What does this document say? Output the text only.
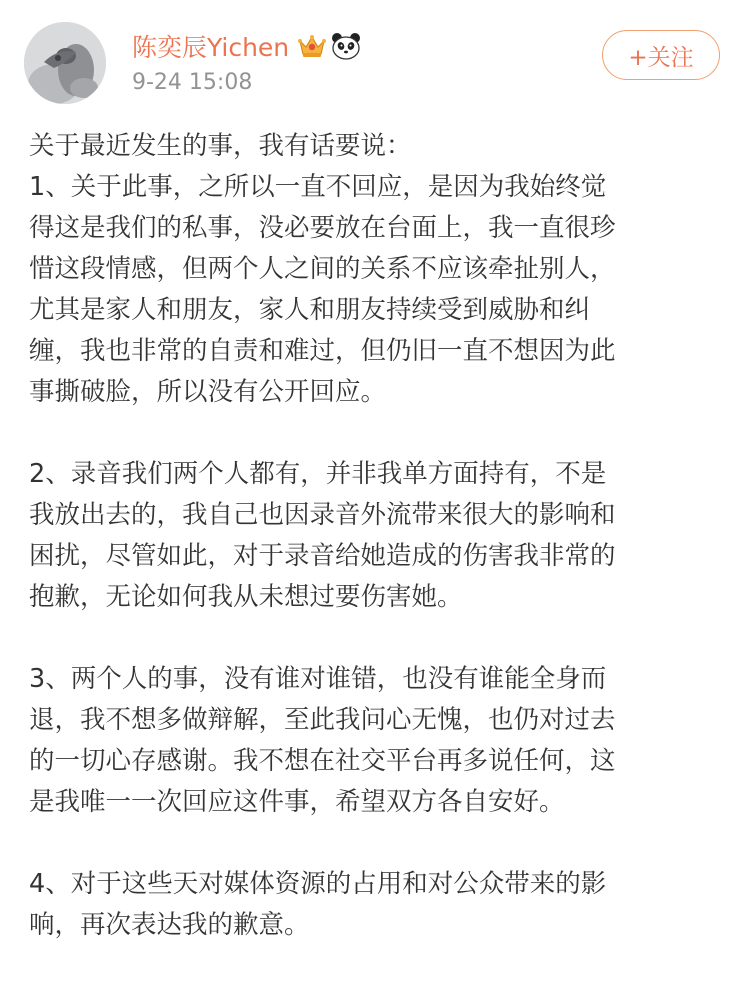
陈奕辰Yichen
9-24 15:08
+关注

关于最近发生的事，我有话要说：

1、关于此事，之所以一直不回应，是因为我始终觉
得这是我们的私事，没必要放在台面上，我一直很珍
惜这段情感，但两个人之间的关系不应该牵扯别人，
尤其是家人和朋友，家人和朋友持续受到威胁和纠
缠，我也非常的自责和难过，但仍旧一直不想因为此
事撕破脸，所以没有公开回应。

2、录音我们两个人都有，并非我单方面持有，不是
我放出去的，我自己也因录音外流带来很大的影响和
困扰，尽管如此，对于录音给她造成的伤害我非常的
抱歉，无论如何我从未想过要伤害她。

3、两个人的事，没有谁对谁错，也没有谁能全身而
退，我不想多做辩解，至此我问心无愧，也仍对过去
的一切心存感谢。我不想在社交平台再多说任何，这
是我唯一一次回应这件事，希望双方各自安好。

4、对于这些天对媒体资源的占用和对公众带来的影
响，再次表达我的歉意。
